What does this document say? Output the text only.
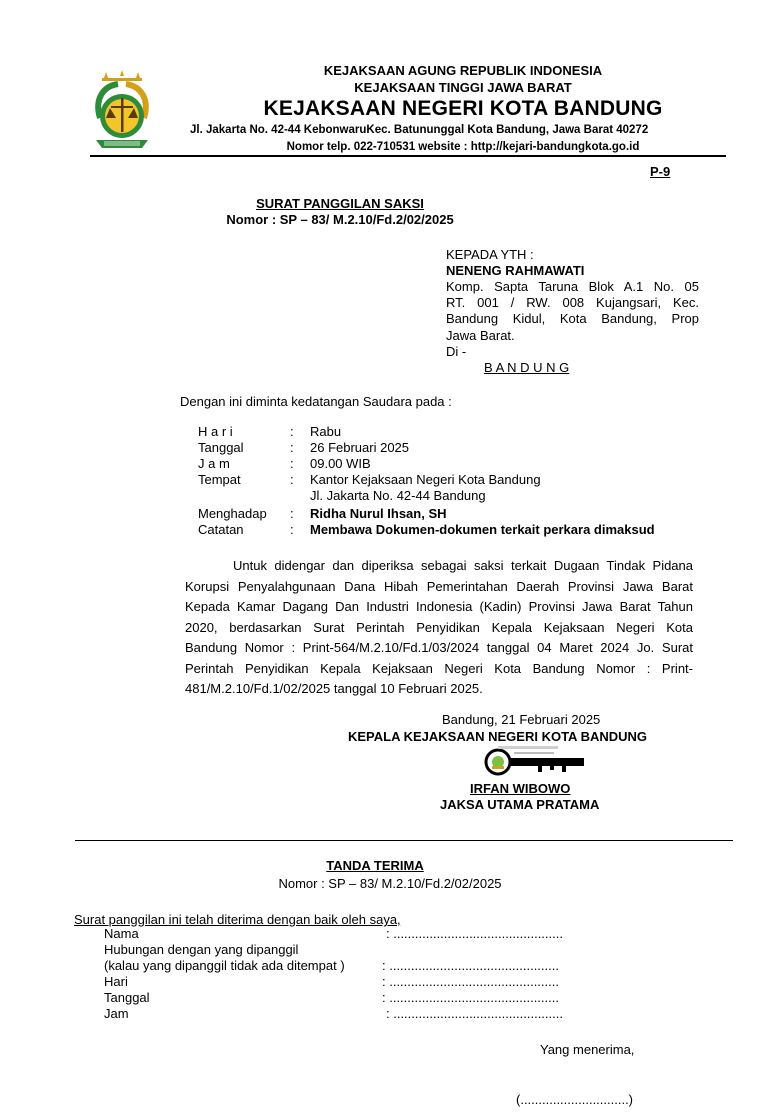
KEJAKSAAN AGUNG REPUBLIK INDONESIA
KEJAKSAAN TINGGI JAWA BARAT
KEJAKSAAN NEGERI KOTA BANDUNG
Jl. Jakarta No. 42-44 KebonwaruKec. Batununggal Kota Bandung, Jawa Barat 40272
Nomor telp. 022-710531 website : http://kejari-bandungkota.go.id
P-9
SURAT PANGGILAN SAKSI
Nomor : SP – 83/ M.2.10/Fd.2/02/2025
KEPADA YTH :
NENENG RAHMAWATI
Komp. Sapta Taruna Blok A.1 No. 05
RT. 001 / RW. 008 Kujangsari, Kec.
Bandung Kidul, Kota Bandung, Prop
Jawa Barat.
Di -
B A N D U N G
Dengan ini diminta kedatangan Saudara pada :
H a r i	: Rabu
Tanggal	: 26 Februari 2025
J a m	: 09.00 WIB
Tempat	: Kantor Kejaksaan Negeri Kota Bandung
Jl. Jakarta No. 42-44 Bandung
Menghadap : Ridha Nurul Ihsan, SH
Catatan	: Membawa Dokumen-dokumen terkait perkara dimaksud
Untuk didengar dan diperiksa sebagai saksi terkait Dugaan Tindak Pidana
Korupsi Penyalahgunaan Dana Hibah Pemerintahan Daerah Provinsi Jawa Barat
Kepada Kamar Dagang Dan Industri Indonesia (Kadin) Provinsi Jawa Barat Tahun
2020, berdasarkan Surat Perintah Penyidikan Kepala Kejaksaan Negeri Kota
Bandung Nomor : Print-564/M.2.10/Fd.1/03/2024 tanggal 04 Maret 2024 Jo. Surat
Perintah Penyidikan Kepala Kejaksaan Negeri Kota Bandung Nomor : Print-
481/M.2.10/Fd.1/02/2025 tanggal 10 Februari 2025.
Bandung, 21 Februari 2025
KEPALA KEJAKSAAN NEGERI KOTA BANDUNG
IRFAN WIBOWO
JAKSA UTAMA PRATAMA
TANDA TERIMA
Nomor : SP – 83/ M.2.10/Fd.2/02/2025
Surat panggilan ini telah diterima dengan baik oleh saya,
Nama	: ...............................................
Hubungan dengan yang dipanggil
(kalau yang dipanggil tidak ada ditempat )	: ...............................................
Hari	: ...............................................
Tanggal	: ...............................................
Jam	: ...............................................
Yang menerima,
(..............................)
